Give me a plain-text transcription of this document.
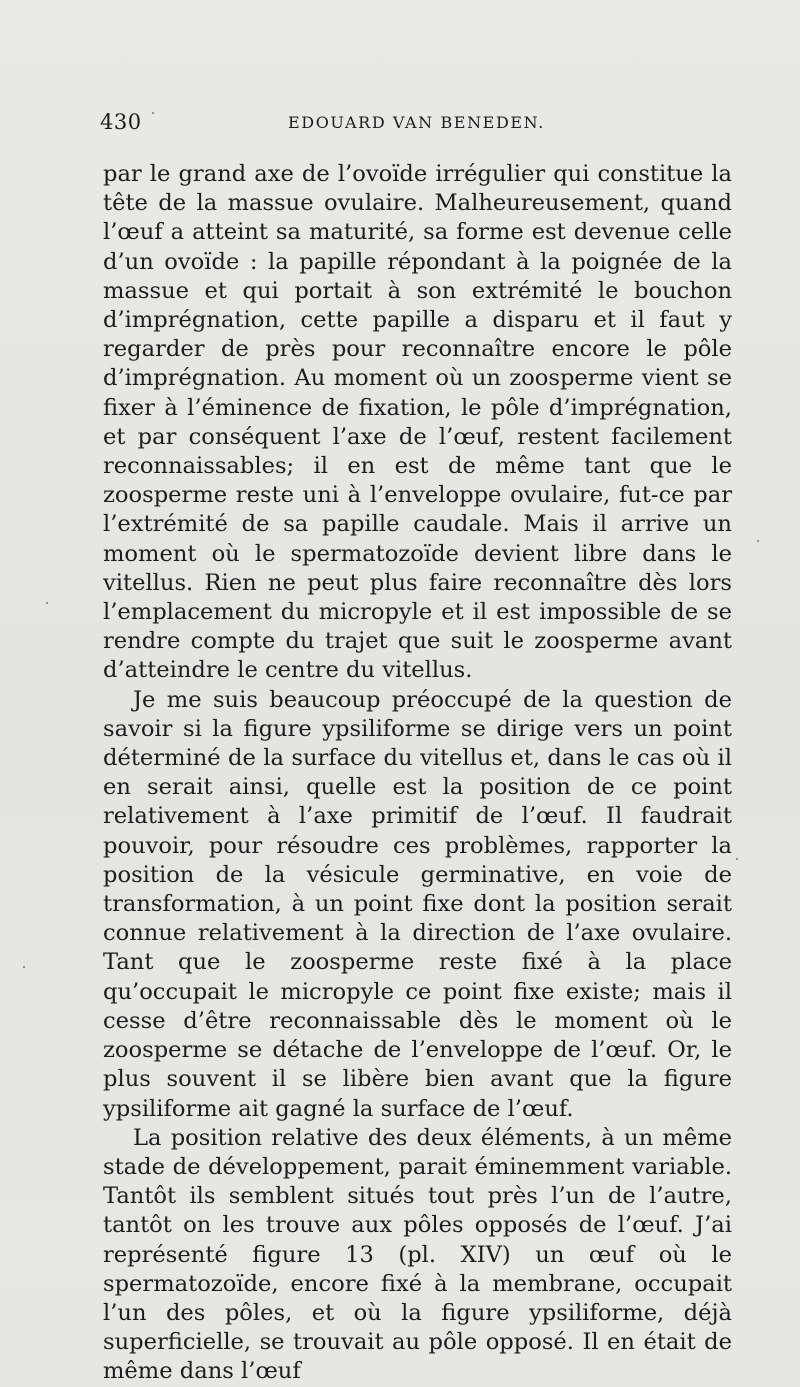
430	EDOUARD VAN BENEDEN.

par le grand axe de l’ovoïde irrégulier qui constitue la tête de la massue ovulaire. Malheureusement, quand l’œuf a atteint sa maturité, sa forme est devenue celle d’un ovoïde : la papille répondant à la poignée de la massue et qui portait à son extrémité le bouchon d’imprégnation, cette papille a disparu et il faut y regarder de près pour reconnaître encore le pôle d’imprégnation. Au moment où un zoosperme vient se fixer à l’éminence de fixation, le pôle d’imprégnation, et par conséquent l’axe de l’œuf, restent facilement reconnaissables; il en est de même tant que le zoosperme reste uni à l’enveloppe ovulaire, fut-ce par l’extrémité de sa papille caudale. Mais il arrive un moment où le spermatozoïde devient libre dans le vitellus. Rien ne peut plus faire reconnaître dès lors l’emplacement du micropyle et il est impossible de se rendre compte du trajet que suit le zoosperme avant d’atteindre le centre du vitellus.

Je me suis beaucoup préoccupé de la question de savoir si la figure ypsiliforme se dirige vers un point déterminé de la surface du vitellus et, dans le cas où il en serait ainsi, quelle est la position de ce point relativement à l’axe primitif de l’œuf. Il faudrait pouvoir, pour résoudre ces problèmes, rapporter la position de la vésicule germinative, en voie de transformation, à un point fixe dont la position serait connue relativement à la direction de l’axe ovulaire. Tant que le zoosperme reste fixé à la place qu’occupait le micropyle ce point fixe existe; mais il cesse d’être reconnaissable dès le moment où le zoosperme se détache de l’enveloppe de l’œuf. Or, le plus souvent il se libère bien avant que la figure ypsiliforme ait gagné la surface de l’œuf.

La position relative des deux éléments, à un même stade de développement, parait éminemment variable. Tantôt ils semblent situés tout près l’un de l’autre, tantôt on les trouve aux pôles opposés de l’œuf. J’ai représenté figure 13 (pl. XIV) un œuf où le spermatozoïde, encore fixé à la membrane, occupait l’un des pôles, et où la figure ypsiliforme, déjà superficielle, se trouvait au pôle opposé. Il en était de même dans l’œuf
